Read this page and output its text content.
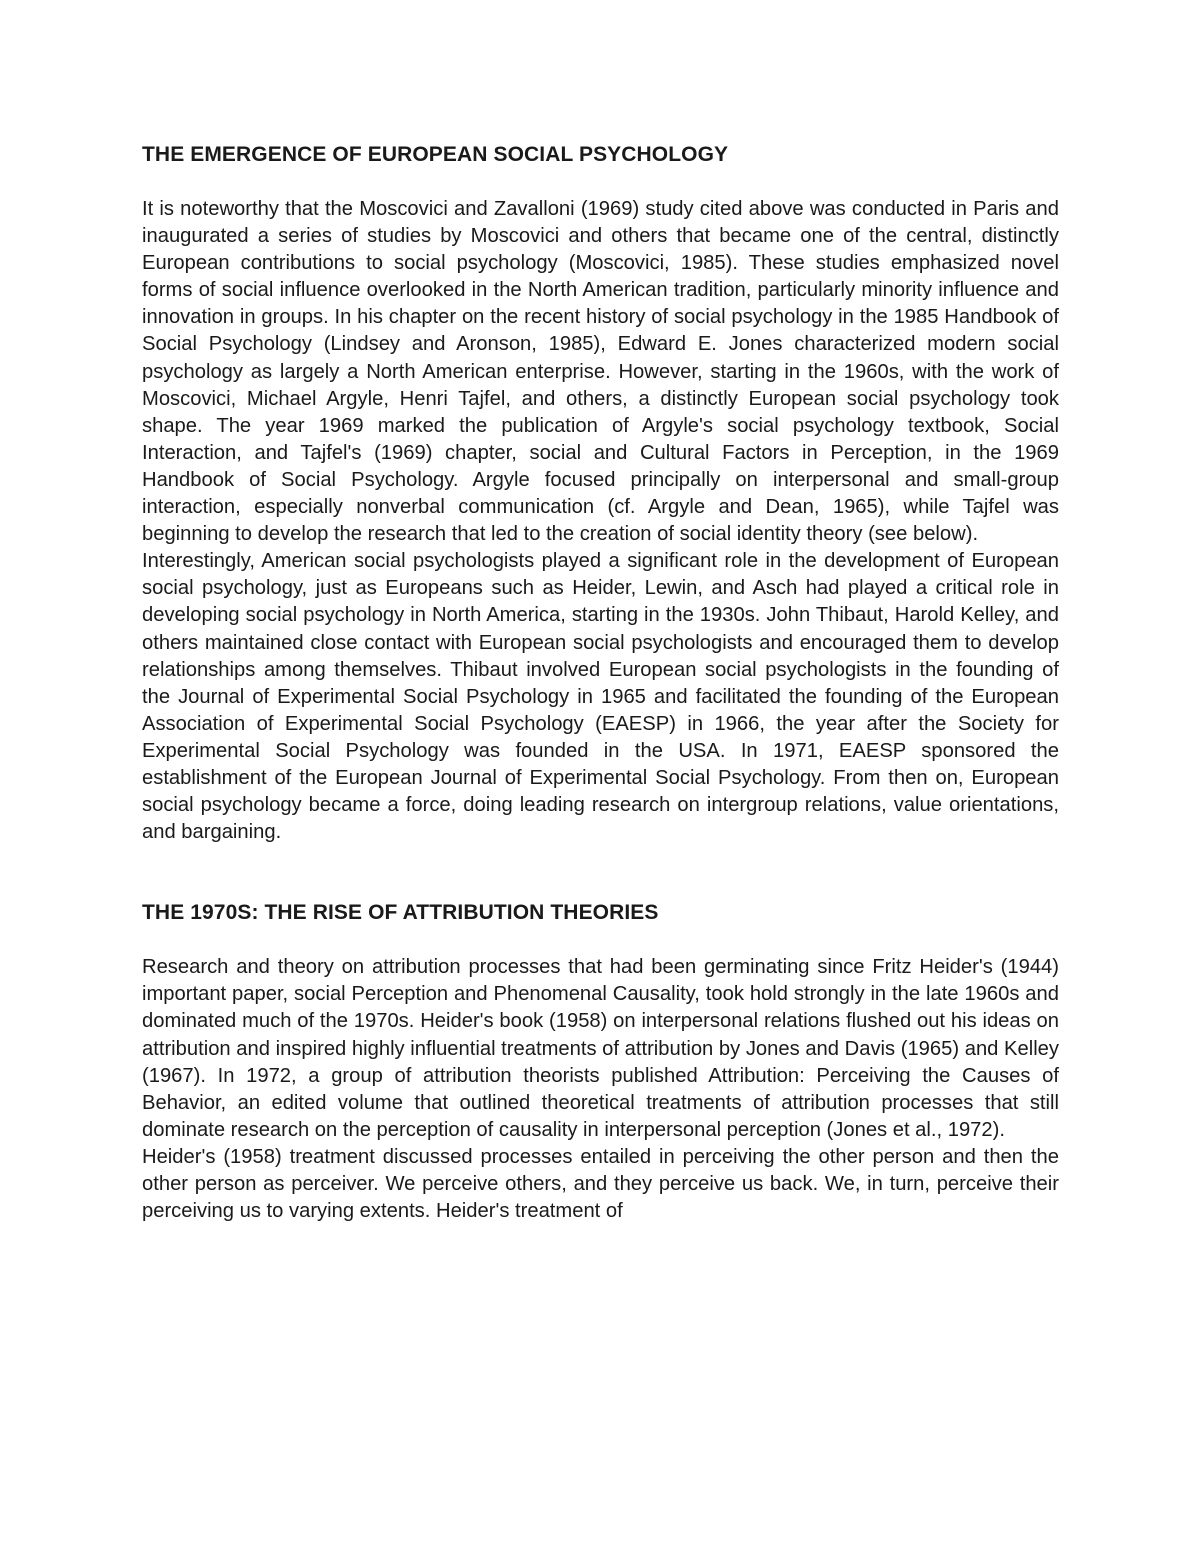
THE EMERGENCE OF EUROPEAN SOCIAL PSYCHOLOGY

It is noteworthy that the Moscovici and Zavalloni (1969) study cited above was conducted in Paris and inaugurated a series of studies by Moscovici and others that became one of the central, distinctly European contributions to social psychology (Moscovici, 1985). These studies emphasized novel forms of social influence overlooked in the North American tradition, particularly minority influence and innovation in groups. In his chapter on the recent history of social psychology in the 1985 Handbook of Social Psychology (Lindsey and Aronson, 1985), Edward E. Jones characterized modern social psychology as largely a North American enterprise. However, starting in the 1960s, with the work of Moscovici, Michael Argyle, Henri Tajfel, and others, a distinctly European social psychology took shape. The year 1969 marked the publication of Argyle's social psychology textbook, Social Interaction, and Tajfel's (1969) chapter, social and Cultural Factors in Perception, in the 1969 Handbook of Social Psychology. Argyle focused principally on interpersonal and small-group interaction, especially nonverbal communication (cf. Argyle and Dean, 1965), while Tajfel was beginning to develop the research that led to the creation of social identity theory (see below).

Interestingly, American social psychologists played a significant role in the development of European social psychology, just as Europeans such as Heider, Lewin, and Asch had played a critical role in developing social psychology in North America, starting in the 1930s. John Thibaut, Harold Kelley, and others maintained close contact with European social psychologists and encouraged them to develop relationships among themselves. Thibaut involved European social psychologists in the founding of the Journal of Experimental Social Psychology in 1965 and facilitated the founding of the European Association of Experimental Social Psychology (EAESP) in 1966, the year after the Society for Experimental Social Psychology was founded in the USA. In 1971, EAESP sponsored the establishment of the European Journal of Experimental Social Psychology. From then on, European social psychology became a force, doing leading research on intergroup relations, value orientations, and bargaining.

THE 1970S: THE RISE OF ATTRIBUTION THEORIES

Research and theory on attribution processes that had been germinating since Fritz Heider's (1944) important paper, social Perception and Phenomenal Causality, took hold strongly in the late 1960s and dominated much of the 1970s. Heider's book (1958) on interpersonal relations flushed out his ideas on attribution and inspired highly influential treatments of attribution by Jones and Davis (1965) and Kelley (1967). In 1972, a group of attribution theorists published Attribution: Perceiving the Causes of Behavior, an edited volume that outlined theoretical treatments of attribution processes that still dominate research on the perception of causality in interpersonal perception (Jones et al., 1972).

Heider's (1958) treatment discussed processes entailed in perceiving the other person and then the other person as perceiver. We perceive others, and they perceive us back. We, in turn, perceive their perceiving us to varying extents. Heider's treatment of
